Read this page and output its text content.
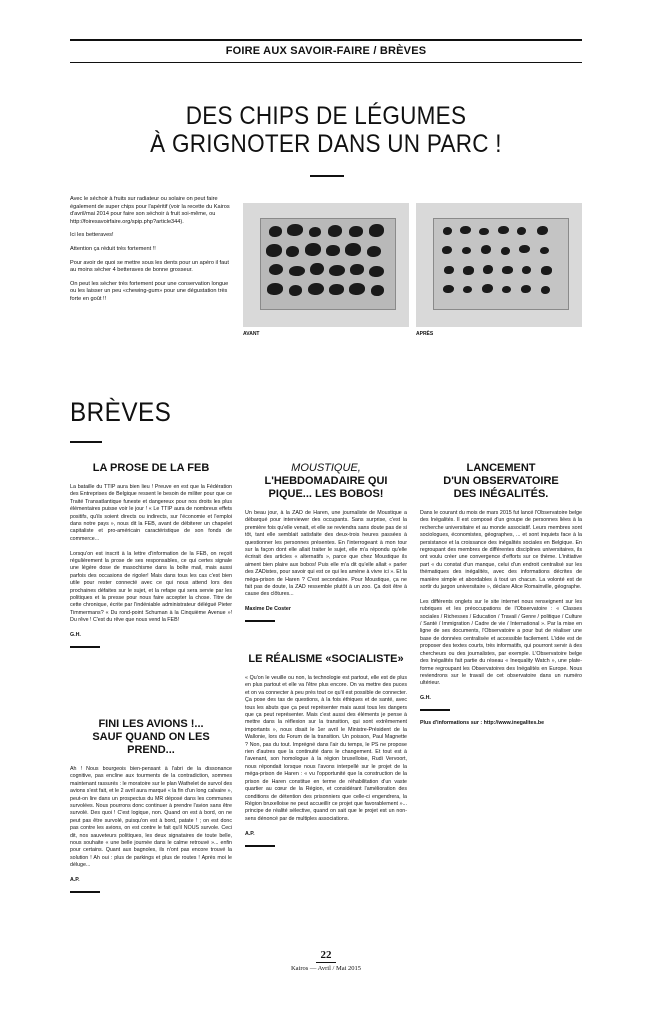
FOIRE AUX SAVOIR-FAIRE / BRÈVES
DES CHIPS DE LÉGUMES
À GRIGNOTER DANS UN PARC !

Avec le séchoir à fruits sur radiateur ou solaire on peut faire également de super chips pour l'apéritif (voir la recette du Kairos d'avril/mai 2014 pour faire son séchoir à fruit soi-même, ou http://foiresavoirfaire.org/spip.php?article344).

Ici les betteraves!

Attention ça réduit très fortement !!

Pour avoir de quoi se mettre sous les dents pour un apéro il faut au moins sécher 4 betteraves de bonne grosseur.

On peut les sécher très fortement pour une conservation longue ou les laisser un peu «chewing-gum» pour une dégustation très forte en goût !!

AVANT	APRÈS
BRÈVES
LA PROSE DE LA FEB

La bataille du TTIP aura bien lieu ! Preuve en est que la Fédération des Entreprises de Belgique ressent le besoin de militer pour que ce Traité Transatlantique funeste et dangereux pour nos droits les plus élémentaires puisse voir le jour ! « Le TTIP aura de nombreux effets positifs, qu'ils soient directs ou indirects, sur l'économie et l'emploi dans notre pays », nous dit la FEB, avant de débiterer un chapelet capitaliste et pro-américain caractéristique de son fonds de commerce...

Lorsqu'on est inscrit à la lettre d'information de la FEB, on reçoit régulièrement la prose de ses responsables, ce qui certes signale une légère dose de masochisme dans la boîte mail, mais aussi parfois des occasions de rigoler! Mais dans tous les cas c'est bien utile pour rester connecté avec ce qui nous attend lors des prochaines défaites sur le sujet, et la refape qui sera servie par les politiques et la presse pour nous faire accepter la chose. Titre de cette chronique, écrite par l'indéniable administrateur délégué Pieter Timmermans? « Du rond-point Schuman à la Cinquième Avenue »! Du rêve ! C'est du rêve que nous vend la FEB!

G.H.
FINI LES AVIONS !...
SAUF QUAND ON LES PREND...

Ah ! Nous bourgeois bien-pensant à l'abri de la dissonance cognitive, pas encline aux tourments de la contradiction, sommes maintenant rassurés : le moratoire sur le plan Wathelet de survol des avions s'est fait, et le 2 avril aura marqué « la fin d'un long calvaire », peut-on lire dans un prospectus du MR déposé dans les communes survolées. Nous pourrons donc continuer à prendre l'avion sans être survolé. Des quoi ! C'est logique, non. Quand on est à bord, on ne peut pas être survolé, puisqu'on est à bord, patate ! ; on est donc pas contre les avions, on est contre le fait qu'il NOUS survole. Ceci dit, nos sauveteurs politiques, les deux signataires de toute belle, nous souhaite « une belle journée dans le calme retrouvé »... enfin pour certains. Quant aux bagnoles, ils n'ont pas encore trouvé la solution ! Ah oui : plus de parkings et plus de routes ! Après moi le déluge...

A.P.
MOUSTIQUE,
L'HEBDOMADAIRE QUI
PIQUE... LES BOBOS!

Un beau jour, à la ZAD de Haren, une journaliste de Moustique a débarqué pour interviewer des occupants. Sans surprise, c'est la première fois qu'elle venait, et elle se reviendra sans doute pas de si tôt, tant elle semblait satisfaite des deux-trois heures passées à questionner les personnes présentes. En l'interrogeant à mon tour sur la façon dont elle allait traiter le sujet, elle m'a répondu qu'elle écrirait des articles « alternatifs », parce que chez Moustique ils aiment bien plaire aux bobos! Puis elle m'a dit qu'elle allait « parler des ZADistes, pour savoir qui est ce qui les amène à vivre ici ». Et la méga-prison de Haren ? C'est secondaire. Pour Moustique, ça ne fait pas de doute, la ZAD ressemble plutôt à un zoo. Ça doit être à cause des clôtures...

Maxime De Coster
LE RÉALISME «SOCIALISTE»

« Qu'on le veuille ou non, la technologie est partout, elle est de plus en plus partout et elle va l'être plus encore. On va mettre des puces et on va connecter à peu près tout ce qu'il est possible de connecter. Ça pose des tas de questions, à la fois éthiques et de santé, avec tous les abuts que ça peut représenter mais aussi tous les dangers que ça peut représenter. Mais c'est aussi des éléments je pense à mettre dans la réflexion sur la transition, qui sont extrêmement importants », nous disait le 1er avril le Ministre-Président de la Wallonie, lors du Forum de la transition. Un poisson, Paul Magnette ? Non, pas du tout. Imprégné dans l'air du temps, le PS ne propose rien d'autres que la continuité dans le changement. Et tout est à l'avenant, son homologue à la région bruxelloise, Rudi Vervoort, nous répondait lorsque nous l'avons interpellé sur le projet de la méga-prison de Haren : « vu l'opportunité que la construction de la prison de Haren constitue en terme de réhabilitation d'un vaste quartier au cœur de la Région, et considérant l'amélioration des conditions de détention des prisonniers que celle-ci engendrera, la Région bruxelloise ne peut accueillir ce projet que favorablement »... principe de réalité sélective, quand on sait que le projet est un non-sens dénoncé par de multiples associations.

A.P.
LANCEMENT
D'UN OBSERVATOIRE
DES INÉGALITÉS.

Dans le courant du mois de mars 2015 fut lancé l'Observatoire belge des Inégalités. Il est composé d'un groupe de personnes liées à la recherche universitaire et au monde associatif. Leurs membres sont sociologues, économistes, géographes, ... et sont inquiets face à la persistance et la croissance des inégalités sociales en Belgique. En regroupant des membres de différentes disciplines universitaires, ils ont voulu créer une convergence d'efforts sur ce thème. L'initiative part « du constat d'un manque, celui d'un endroit centralisé sur les thématiques des inégalités, avec des informations décrites de manière simple et abordables à tout un chacun. La volonté est de sortir du jargon universitaire », déclare Alice Romainville, géographe.

Les différents onglets sur le site internet nous renseignent sur les rubriques et les préoccupations de l'Observatoire : « Classes sociales / Richesses / Education / Travail / Genre / politique / Culture / Santé / Immigration / Cadre de vie / International ». Par la mise en ligne de ses documents, l'Observatoire a pour but de réaliser une base de données centralisée et accessible facilement. L'idée est de proposer des textes courts, très informatifs, qui pourront servir à des chercheurs ou des journalistes, par exemple. L'Observatoire belge des Inégalités fait partie du réseau « Inequality Watch », une plate-forme regroupant les Observatoires des Inégalités en Europe. Nous reviendrons sur le travail de cet observatoire dans un numéro ultérieur.

G.H.
Plus d'informations sur : http://www.inegalites.be
22
Kairos — Avril / Mai 2015
